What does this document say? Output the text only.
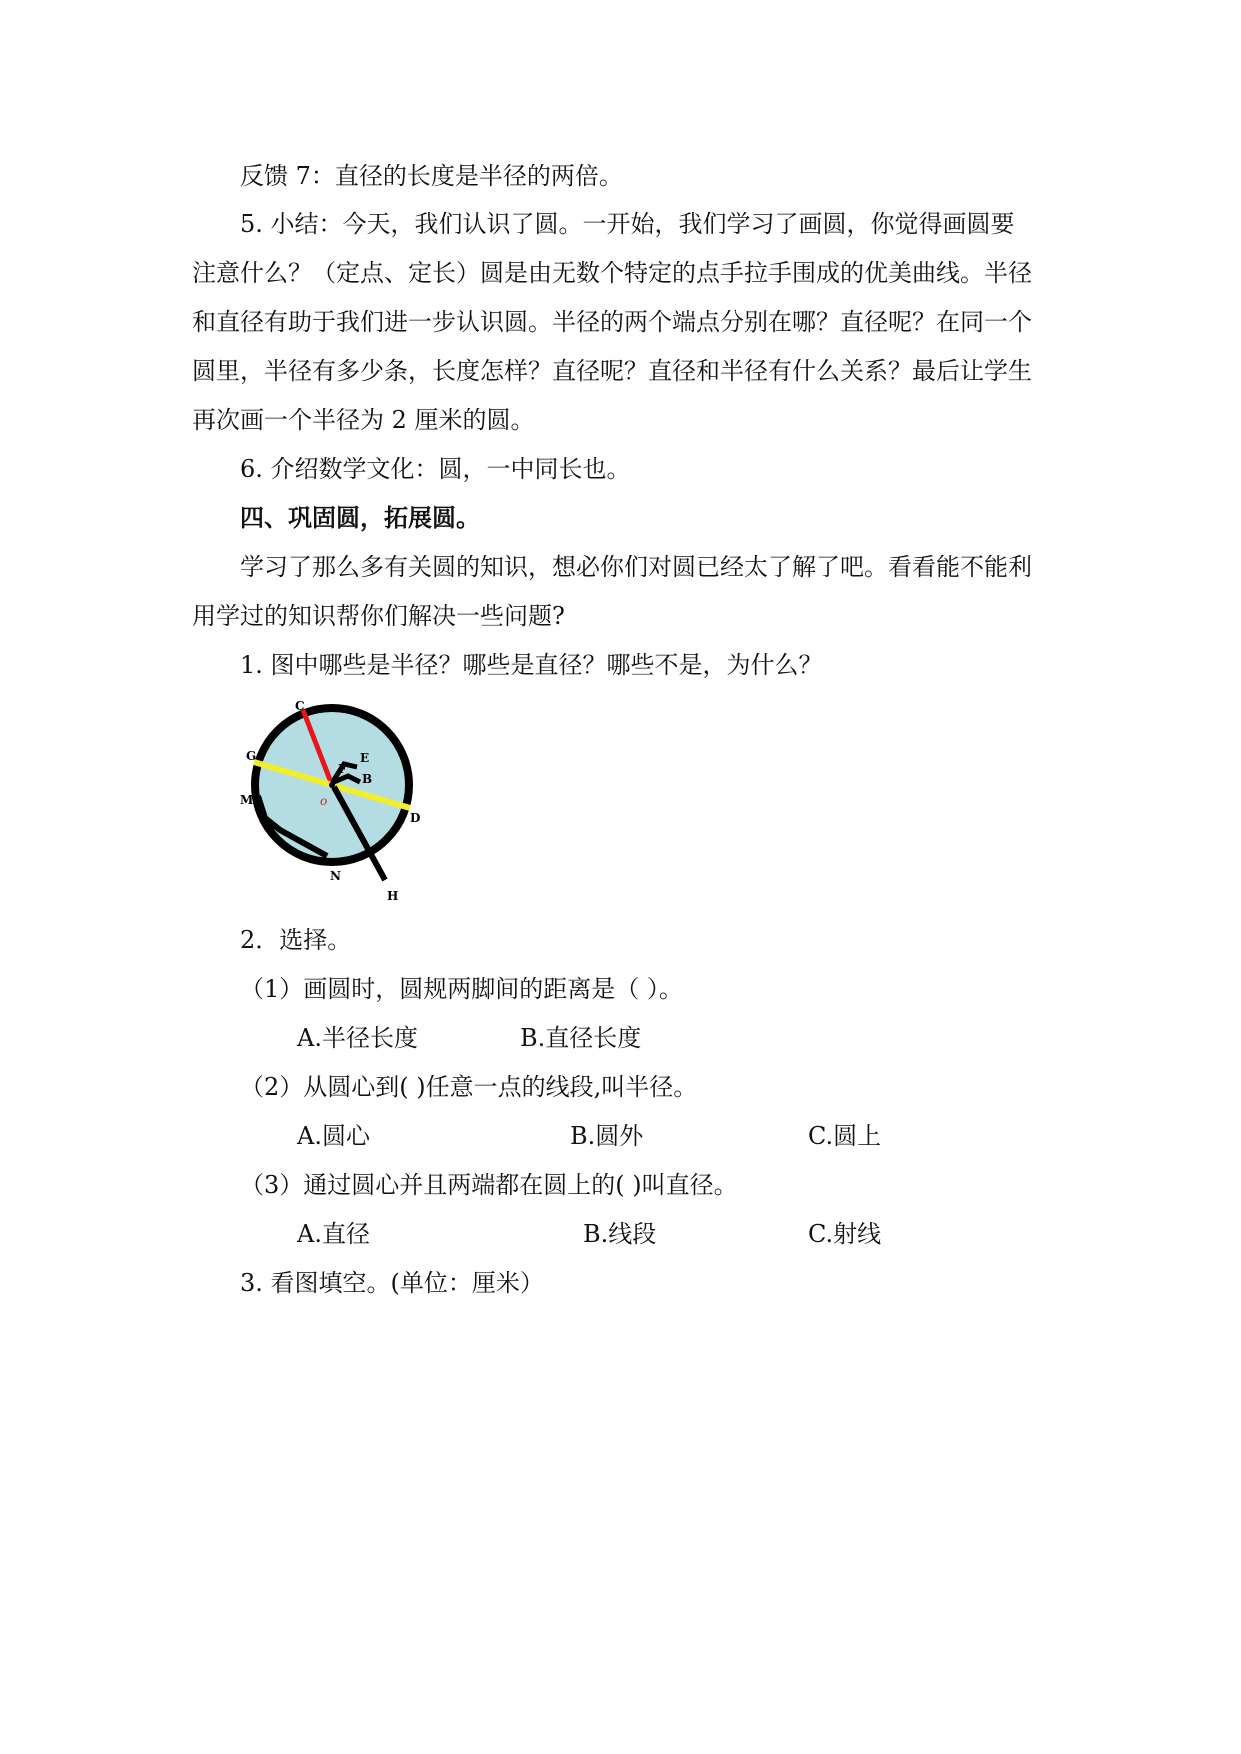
反馈 7：直径的长度是半径的两倍。
5. 小结：今天，我们认识了圆。一开始，我们学习了画圆，你觉得画圆要
注意什么？（定点、定长）圆是由无数个特定的点手拉手围成的优美曲线。半径
和直径有助于我们进一步认识圆。半径的两个端点分别在哪？直径呢？在同一个
圆里，半径有多少条，长度怎样？直径呢？直径和半径有什么关系？最后让学生
再次画一个半径为 2 厘米的圆。
6. 介绍数学文化：圆，一中同长也。
四、巩固圆，拓展圆。
学习了那么多有关圆的知识，想必你们对圆已经太了解了吧。看看能不能利
用学过的知识帮你们解决一些问题?
1. 图中哪些是半径？哪些是直径？哪些不是，为什么？
C
E
G
F
B
o
M
D
N
H
2．选择。
（1）画圆时，圆规两脚间的距离是（ ）。
A.半径长度	B.直径长度
（2）从圆心到( )任意一点的线段,叫半径。
A.圆心	B.圆外	C.圆上
（3）通过圆心并且两端都在圆上的( )叫直径。
A.直径	B.线段	C.射线
3. 看图填空。(单位：厘米）
